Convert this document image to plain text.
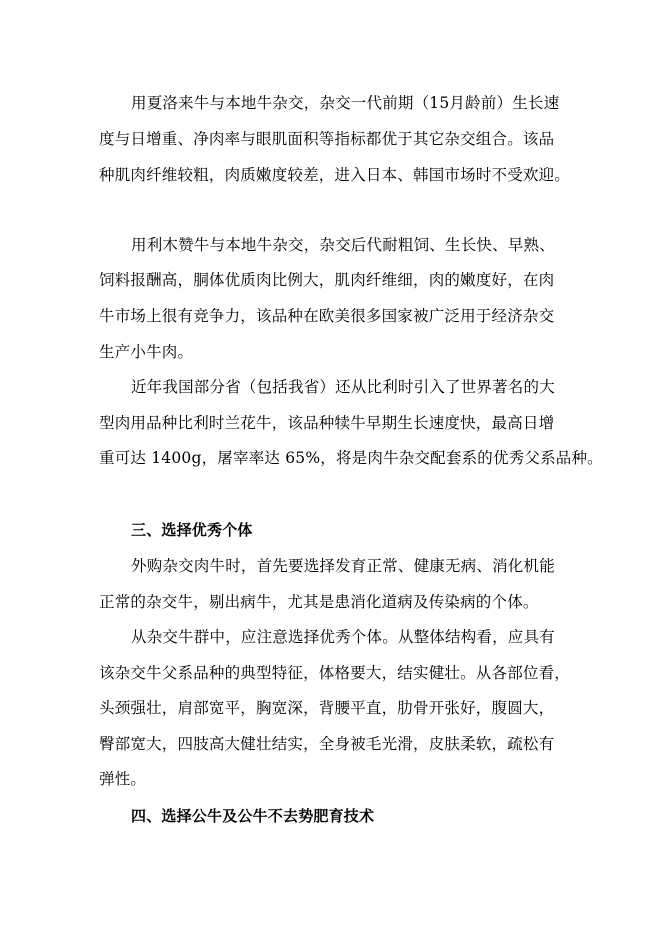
用夏洛来牛与本地牛杂交，杂交一代前期（15月龄前）生长速
度与日增重、净肉率与眼肌面积等指标都优于其它杂交组合。该品
种肌肉纤维较粗，肉质嫩度较差，进入日本、韩国市场时不受欢迎。
用利木赞牛与本地牛杂交，杂交后代耐粗饲、生长快、早熟、
饲料报酬高，胴体优质肉比例大，肌肉纤维细，肉的嫩度好，在肉
牛市场上很有竞争力，该品种在欧美很多国家被广泛用于经济杂交
生产小牛肉。
近年我国部分省（包括我省）还从比利时引入了世界著名的大
型肉用品种比利时兰花牛，该品种犊牛早期生长速度快，最高日增
重可达 1400g，屠宰率达 65%，将是肉牛杂交配套系的优秀父系品种。
三、选择优秀个体
外购杂交肉牛时，首先要选择发育正常、健康无病、消化机能
正常的杂交牛，剔出病牛，尤其是患消化道病及传染病的个体。
从杂交牛群中，应注意选择优秀个体。从整体结构看，应具有
该杂交牛父系品种的典型特征，体格要大，结实健壮。从各部位看，
头颈强壮，肩部宽平，胸宽深，背腰平直，肋骨开张好，腹圆大，
臀部宽大，四肢高大健壮结实，全身被毛光滑，皮肤柔软，疏松有
弹性。
四、选择公牛及公牛不去势肥育技术
